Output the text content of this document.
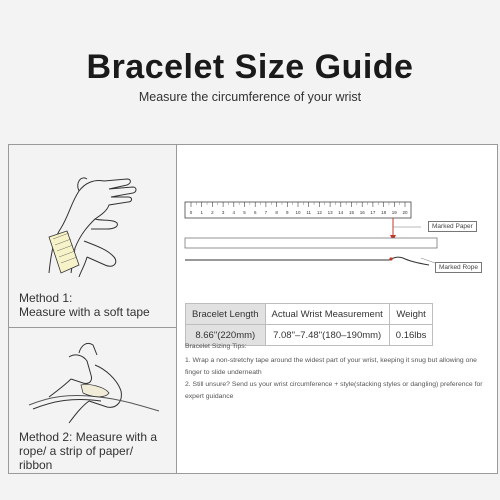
Bracelet Size Guide
Measure the circumference of your wrist
Method 1:
Measure with a soft tape
Method 2: Measure with a rope/ a strip of paper/ ribbon
0 1 2 3 4 5 6 7 8 9 10 11 12 13 14 15 16 17 18 19 20
Marked Paper
Marked Rope
Bracelet Length	Actual Wrist Measurement	Weight
8.66"(220mm)	7.08"–7.48"(180–190mm)	0.16lbs
Bracelet Sizing Tips:
1. Wrap a non-stretchy tape around the widest part of your wrist, keeping it snug but allowing one finger to slide underneath
2. Still unsure? Send us your wrist circumference + style(stacking styles or dangling) preference for expert guidance
